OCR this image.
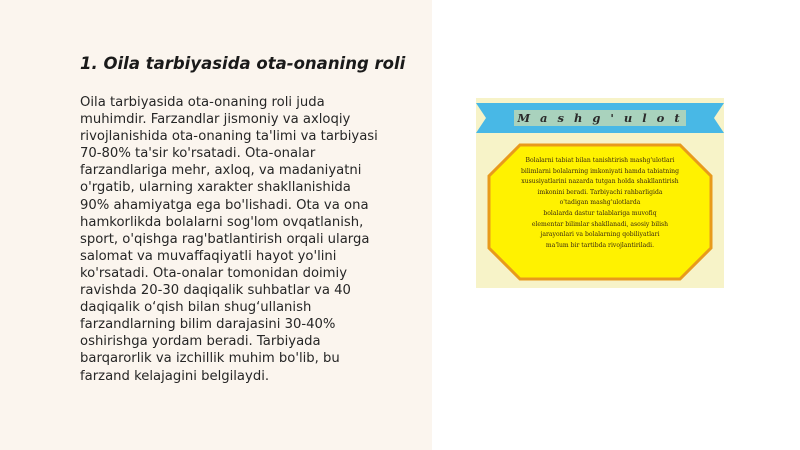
1. Oila tarbiyasida ota-onaning roli
Oila tarbiyasida ota-onaning roli juda
muhimdir. Farzandlar jismoniy va axloqiy
rivojlanishida ota-onaning ta'limi va tarbiyasi
70-80% ta'sir ko'rsatadi. Ota-onalar
farzandlariga mehr, axloq, va madaniyatni
o'rgatib, ularning xarakter shakllanishida
90% ahamiyatga ega bo'lishadi. Ota va ona
hamkorlikda bolalarni sog'lom ovqatlanish,
sport, o'qishga rag'batlantirish orqali ularga
salomat va muvaffaqiyatli hayot yo'lini
ko'rsatadi. Ota-onalar tomonidan doimiy
ravishda 20-30 daqiqalik suhbatlar va 40
daqiqalik o‘qish bilan shug‘ullanish
farzandlarning bilim darajasini 30-40%
oshirishga yordam beradi. Tarbiyada
barqarorlik va izchillik muhim bo'lib, bu
farzand kelajagini belgilaydi.
M a s h g ' u l o t
Bolalarni tabiat bilan tanishtirish mashg'ulotlari
bilimlarni bolalarning imkoniyati hamda tabiatning
xususiyatlarini nazarda tutgan holda shakllantirish
imkonini beradi. Tarbiyachi rahbarligida
o'tadigan mashg'ulotlarda
bolalarda dastur talablariga muvofiq
elementar bilimlar shakllanadi, asosiy bilish
jarayonlari va bolalarning qobiliyatlari
ma'lum bir tartibda rivojlantiriladi.
